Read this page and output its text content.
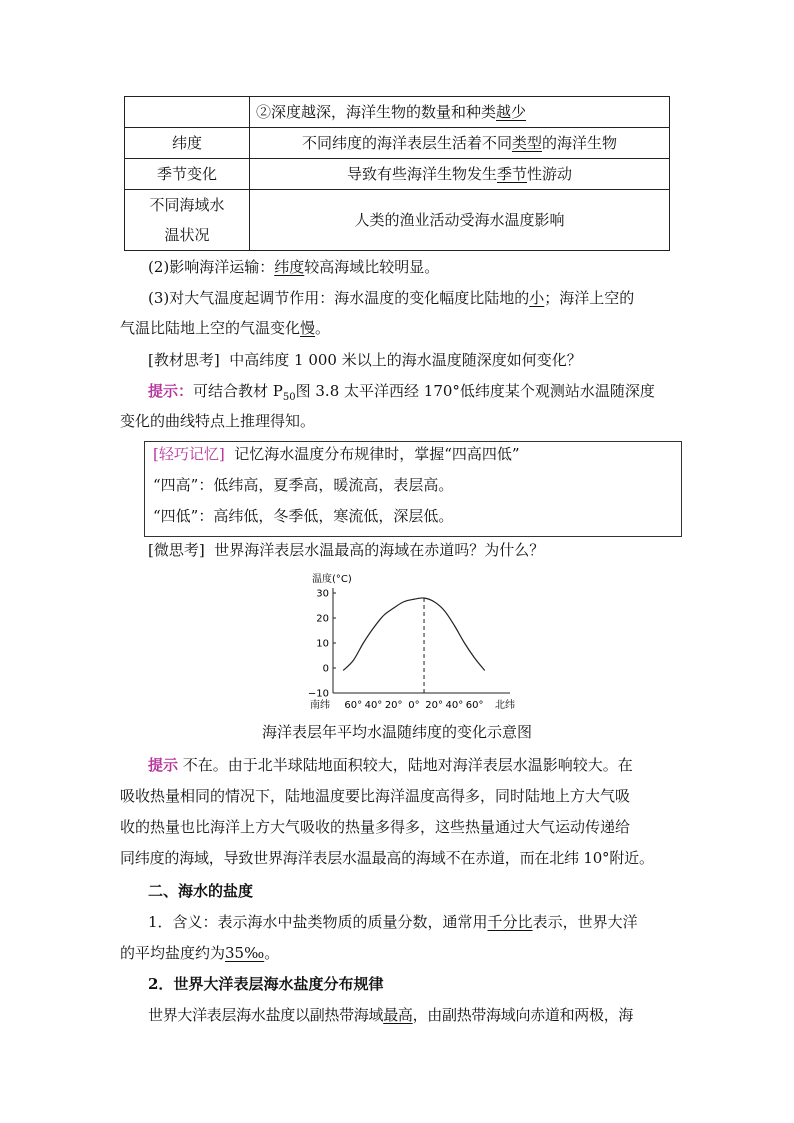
	②深度越深，海洋生物的数量和种类越少
纬度	不同纬度的海洋表层生活着不同类型的海洋生物
季节变化	导致有些海洋生物发生季节性游动

不同海域水温状况	人类的渔业活动受海水温度影响
(2)影响海洋运输：纬度较高海域比较明显。
(3)对大气温度起调节作用：海水温度的变化幅度比陆地的小；海洋上空的
气温比陆地上空的气温变化慢。
[教材思考] 中高纬度 1 000 米以上的海水温度随深度如何变化？
提示：可结合教材 $P_{50}$图 3.8 太平洋西经 170°低纬度某个观测站水温随深度
变化的曲线特点上推理得知。
[轻巧记忆] 记忆海水温度分布规律时，掌握“四高四低”
“四高”：低纬高，夏季高，暖流高，表层高。
“四低”：高纬低，冬季低，寒流低，深层低。
[微思考] 世界海洋表层水温最高的海域在赤道吗？为什么？
温度(°C)
30
20
10
0
−10
60° 40° 20° 0° 20° 40° 60°
南纬	北纬
海洋表层年平均水温随纬度的变化示意图
提示 不在。由于北半球陆地面积较大，陆地对海洋表层水温影响较大。在
吸收热量相同的情况下，陆地温度要比海洋温度高得多，同时陆地上方大气吸
收的热量也比海洋上方大气吸收的热量多得多，这些热量通过大气运动传递给
同纬度的海域，导致世界海洋表层水温最高的海域不在赤道，而在北纬 10°附近。
二、海水的盐度
1．含义：表示海水中盐类物质的质量分数，通常用千分比表示，世界大洋
的平均盐度约为35‰。
2．世界大洋表层海水盐度分布规律
世界大洋表层海水盐度以副热带海域最高，由副热带海域向赤道和两极，海
